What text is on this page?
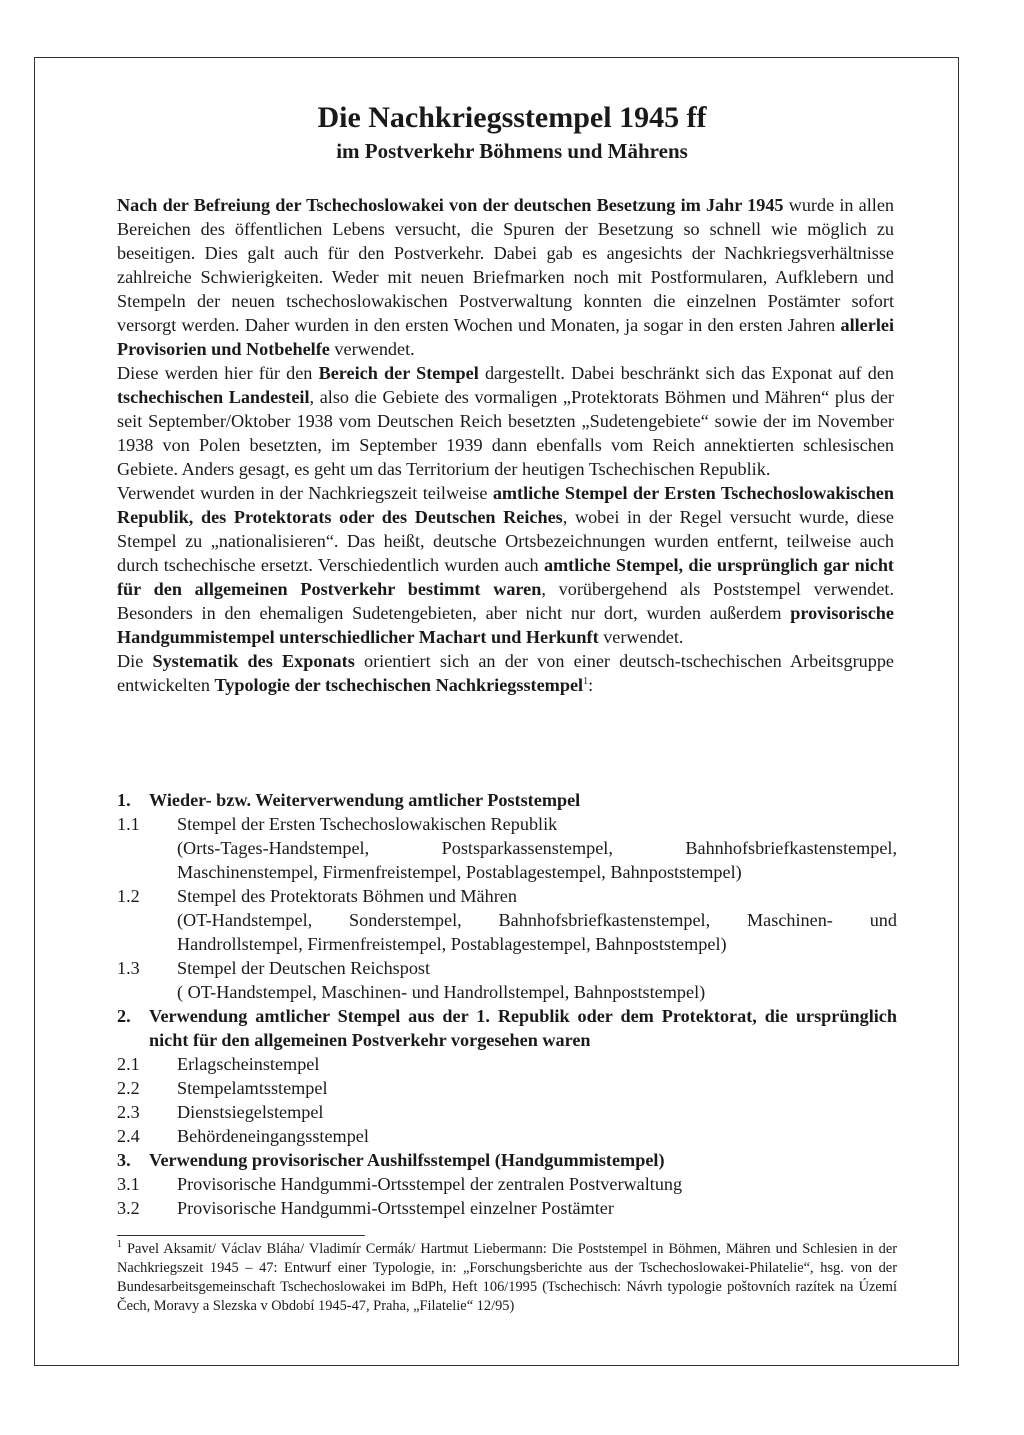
Die Nachkriegsstempel 1945 ff
im Postverkehr Böhmens und Mährens

Nach der Befreiung der Tschechoslowakei von der deutschen Besetzung im Jahr 1945 wurde in allen Bereichen des öffentlichen Lebens versucht, die Spuren der Besetzung so schnell wie möglich zu beseitigen. Dies galt auch für den Postverkehr. Dabei gab es angesichts der Nachkriegsverhältnisse zahlreiche Schwierigkeiten. Weder mit neuen Briefmarken noch mit Postformularen, Aufklebern und Stempeln der neuen tschechoslowakischen Postverwaltung konnten die einzelnen Postämter sofort versorgt werden. Daher wurden in den ersten Wochen und Monaten, ja sogar in den ersten Jahren allerlei Provisorien und Notbehelfe verwendet.

Diese werden hier für den Bereich der Stempel dargestellt. Dabei beschränkt sich das Exponat auf den tschechischen Landesteil, also die Gebiete des vormaligen „Protektorats Böhmen und Mähren“ plus der seit September/Oktober 1938 vom Deutschen Reich besetzten „Sudetengebiete“ sowie der im November 1938 von Polen besetzten, im September 1939 dann ebenfalls vom Reich annektierten schlesischen Gebiete. Anders gesagt, es geht um das Territorium der heutigen Tschechischen Republik.

Verwendet wurden in der Nachkriegszeit teilweise amtliche Stempel der Ersten Tschechoslowakischen Republik, des Protektorats oder des Deutschen Reiches, wobei in der Regel versucht wurde, diese Stempel zu „nationalisieren“. Das heißt, deutsche Ortsbezeichnungen wurden entfernt, teilweise auch durch tschechische ersetzt. Verschiedentlich wurden auch amtliche Stempel, die ursprünglich gar nicht für den allgemeinen Postverkehr bestimmt waren, vorübergehend als Poststempel verwendet. Besonders in den ehemaligen Sudetengebieten, aber nicht nur dort, wurden außerdem provisorische Handgummistempel unterschiedlicher Machart und Herkunft verwendet.

Die Systematik des Exponats orientiert sich an der von einer deutsch-tschechischen Arbeitsgruppe entwickelten Typologie der tschechischen Nachkriegsstempel$^1$:

1.	Wieder- bzw. Weiterverwendung amtlicher Poststempel
1.1	Stempel der Ersten Tschechoslowakischen Republik
(Orts-Tages-Handstempel, Postsparkassenstempel, Bahnhofsbriefkastenstempel, Maschinenstempel, Firmenfreistempel, Postablagestempel, Bahnpoststempel)
1.2	Stempel des Protektorats Böhmen und Mähren
(OT-Handstempel, Sonderstempel, Bahnhofsbriefkastenstempel, Maschinen- und Handrollstempel, Firmenfreistempel, Postablagestempel, Bahnpoststempel)
1.3	Stempel der Deutschen Reichspost
( OT-Handstempel, Maschinen- und Handrollstempel, Bahnpoststempel)
2.	Verwendung amtlicher Stempel aus der 1. Republik oder dem Protektorat, die ursprünglich nicht für den allgemeinen Postverkehr vorgesehen waren
2.1	Erlagscheinstempel
2.2	Stempelamtsstempel
2.3	Dienstsiegelstempel
2.4	Behördeneingangsstempel
3.	Verwendung provisorischer Aushilfsstempel (Handgummistempel)
3.1	Provisorische Handgummi-Ortsstempel der zentralen Postverwaltung
3.2	Provisorische Handgummi-Ortsstempel einzelner Postämter
$^1$ Pavel Aksamit/ Václav Bláha/ Vladimír Cermák/ Hartmut Liebermann: Die Poststempel in Böhmen, Mähren und Schlesien in der Nachkriegszeit 1945 – 47: Entwurf einer Typologie, in: „Forschungsberichte aus der Tschechoslowakei-Philatelie“, hsg. von der Bundesarbeitsgemeinschaft Tschechoslowakei im BdPh, Heft 106/1995 (Tschechisch: Návrh typologie poštovních razítek na Území Čech, Moravy a Slezska v Období 1945-47, Praha, „Filatelie“ 12/95)
